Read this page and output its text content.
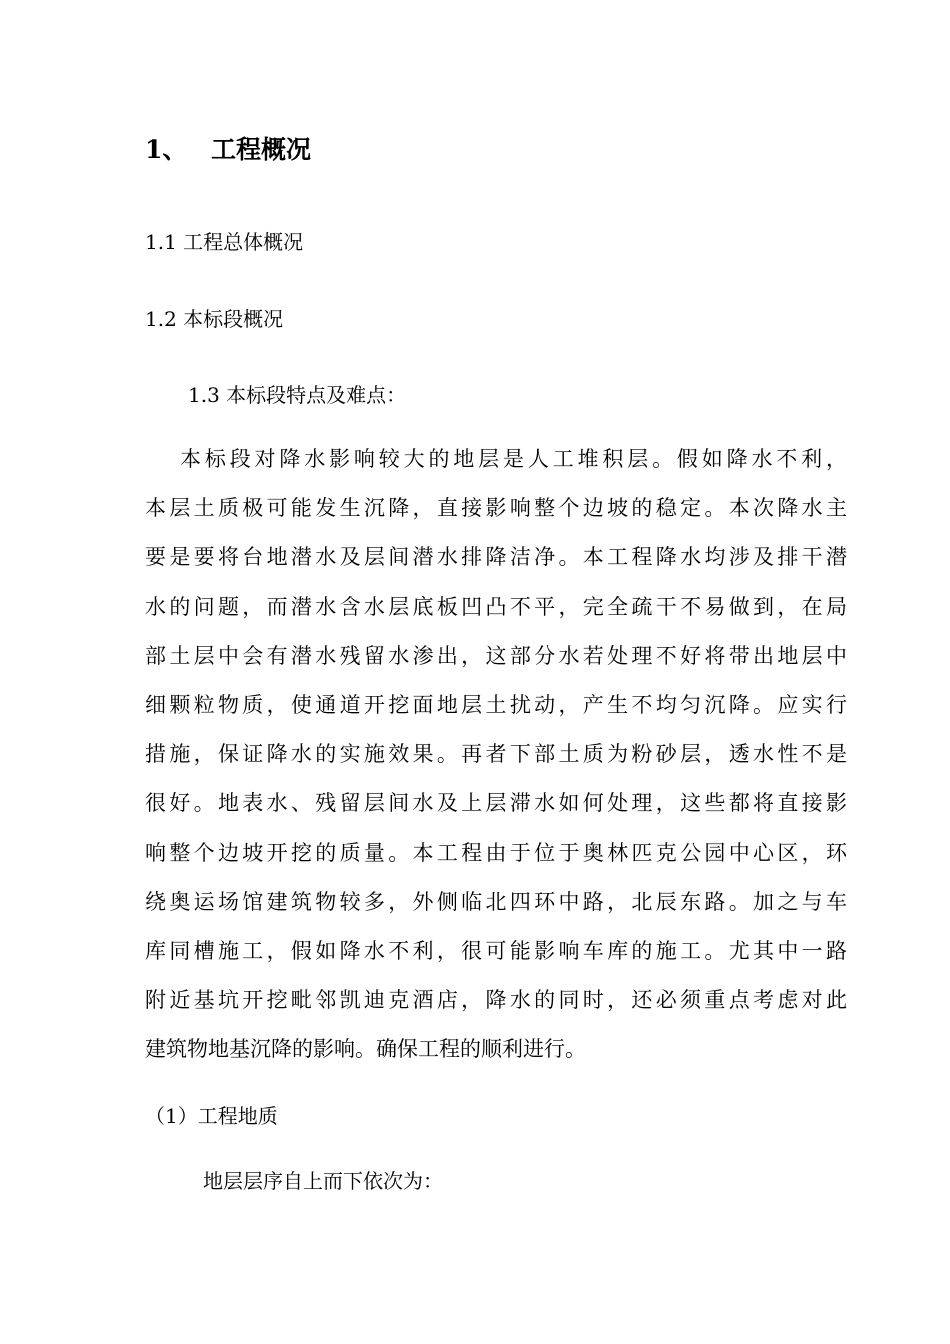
1、 工程概况
1.1 工程总体概况
1.2 本标段概况
1.3 本标段特点及难点：
本标段对降水影响较大的地层是人工堆积层。假如降水不利，
本层土质极可能发生沉降，直接影响整个边坡的稳定。本次降水主
要是要将台地潜水及层间潜水排降洁净。本工程降水均涉及排干潜
水的问题，而潜水含水层底板凹凸不平，完全疏干不易做到，在局
部土层中会有潜水残留水渗出，这部分水若处理不好将带出地层中
细颗粒物质，使通道开挖面地层土扰动，产生不均匀沉降。应实行
措施，保证降水的实施效果。再者下部土质为粉砂层，透水性不是
很好。地表水、残留层间水及上层滞水如何处理，这些都将直接影
响整个边坡开挖的质量。本工程由于位于奥林匹克公园中心区，环
绕奥运场馆建筑物较多，外侧临北四环中路，北辰东路。加之与车
库同槽施工，假如降水不利，很可能影响车库的施工。尤其中一路
附近基坑开挖毗邻凯迪克酒店，降水的同时，还必须重点考虑对此
建筑物地基沉降的影响。确保工程的顺利进行。
（1）工程地质
地层层序自上而下依次为：
